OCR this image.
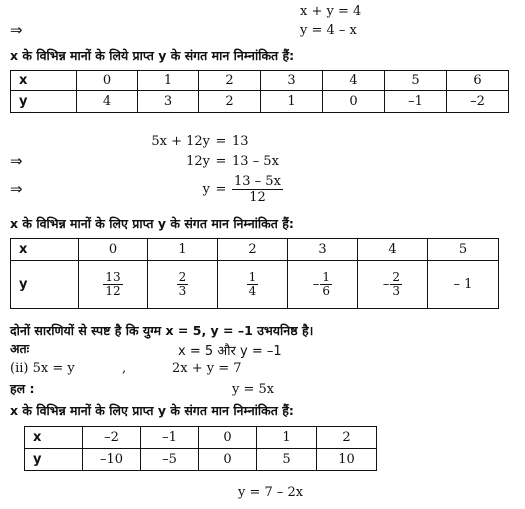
x + y = 4
⇒	y = 4 – x
x के विभिन्न मानों के लिये प्राप्त y के संगत मान निम्नांकित हैं:
x	0	1	2	3	4	5	6
y	4	3	2	1	0	–1	–2
5x + 12y = 13
⇒	12y = 13 – 5x
⇒	$y = \frac{13 - 5x}{12}$
x के विभिन्न मानों के लिए प्राप्त y के संगत मान निम्नांकित हैं:
x	0	1	2	3	4	5
y	$\frac{13}{12}$	$\frac{2}{3}$	$\frac{1}{4}$	– $\frac{1}{6}$	– $\frac{2}{3}$	– 1
दोनों सारणियों से स्पष्ट है कि युग्म x = 5, y = –1 उभयनिष्ठ है।
अतः	x = 5 और y = –1
(ii) 5x = y	,	2x + y = 7
हल :	y = 5x
x के विभिन्न मानों के लिए प्राप्त y के संगत मान निम्नांकित हैं:
x	–2	–1	0	1	2
y	–10	–5	0	5	10
y = 7 – 2x
